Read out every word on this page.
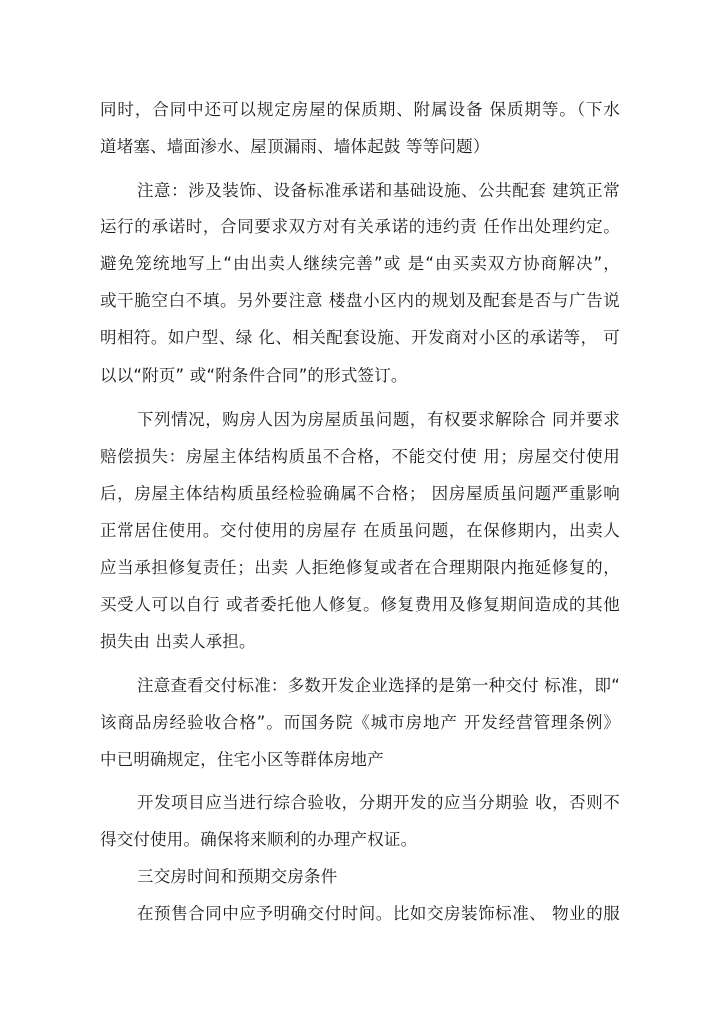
同时，合同中还可以规定房屋的保质期、附属设备 保质期等。（下水
道堵塞、墙面渗水、屋顶漏雨、墙体起鼓 等等问题）
注意：涉及装饰、设备标准承诺和基础设施、公共配套 建筑正常
运行的承诺时，合同要求双方对有关承诺的违约责 任作出处理约定。
避免笼统地写上“由出卖人继续完善”或 是“由买卖双方协商解决”，
或干脆空白不填。另外要注意 楼盘小区内的规划及配套是否与广告说
明相符。如户型、绿 化、相关配套设施、开发商对小区的承诺等， 可
以以“附页” 或“附条件合同”的形式签订。
下列情况，购房人因为房屋质虽问题，有权要求解除合 同并要求
赔偿损失：房屋主体结构质虽不合格，不能交付使 用；房屋交付使用
后，房屋主体结构质虽经检验确属不合格； 因房屋质虽问题严重影响
正常居住使用。交付使用的房屋存 在质虽问题，在保修期内，出卖人
应当承担修复责任；出卖 人拒绝修复或者在合理期限内拖延修复的，
买受人可以自行 或者委托他人修复。修复费用及修复期间造成的其他
损失由 出卖人承担。
注意查看交付标准：多数开发企业选择的是第一种交付 标准，即“
该商品房经验收合格”。而国务院《城市房地产 开发经营管理条例》
中已明确规定，住宅小区等群体房地产
开发项目应当进行综合验收，分期开发的应当分期验 收，否则不
得交付使用。确保将来顺利的办理产权证。
三交房时间和预期交房条件
在预售合同中应予明确交付时间。比如交房装饰标准、 物业的服
